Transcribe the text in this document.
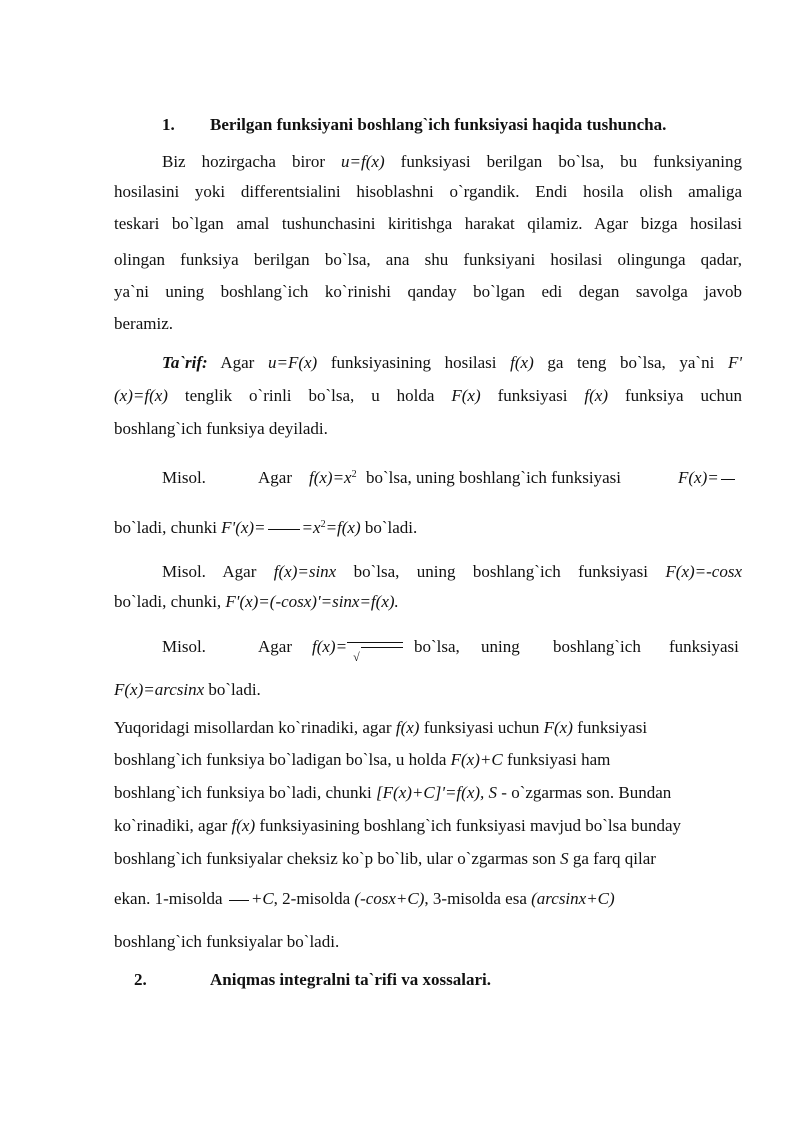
1. Berilgan funksiyani boshlang`ich funksiyasi haqida tushuncha.
Biz hozirgacha biror u=f(x) funksiyasi berilgan bo`lsa, bu funksiyaning
hosilasini yoki differentsialini hisoblashni o`rgandik. Endi hosila olish amaliga
teskari bo`lgan amal tushunchasini kiritishga harakat qilamiz. Agar bizga hosilasi
olingan funksiya berilgan bo`lsa, ana shu funksiyani hosilasi olingunga qadar,
ya`ni uning boshlang`ich ko`rinishi qanday bo`lgan edi degan savolga javob
beramiz.
Ta`rif: Agar u=F(x) funksiyasining hosilasi f(x) ga teng bo`lsa, ya`ni F'
(x)=f(x) tenglik o`rinli bo`lsa, u holda F(x) funksiyasi f(x) funksiya uchun
boshlang`ich funksiya deyiladi.
Misol.	Agar $f(x)=x^2$ bo`lsa, uning boshlang`ich funksiyasi	F(x)=
bo`ladi, chunki $F'(x)= =x^2=f(x)$ bo`ladi.
Misol. Agar f(x)=sinx bo`lsa, uning boshlang`ich funksiyasi F(x)=-cosx
bo`ladi, chunki, F'(x)=(-cosx)'=sinx=f(x).
Misol.	Agar f(x)=
√
bo`lsa, uning boshlang`ich funksiyasi
F(x)=arcsinx bo`ladi.
Yuqoridagi misollardan ko`rinadiki, agar f(x) funksiyasi uchun F(x) funksiyasi
boshlang`ich funksiya bo`ladigan bo`lsa, u holda F(x)+C funksiyasi ham
boshlang`ich funksiya bo`ladi, chunki [F(x)+C]'=f(x), S - o`zgarmas son. Bundan
ko`rinadiki, agar f(x) funksiyasining boshlang`ich funksiyasi mavjud bo`lsa bunday
boshlang`ich funksiyalar cheksiz ko`p bo`lib, ular o`zgarmas son S ga farq qilar
ekan. 1-misolda +C, 2-misolda (-cosx+C), 3-misolda esa (arcsinx+C)
boshlang`ich funksiyalar bo`ladi.
2.	Aniqmas integralni ta`rifi va xossalari.
